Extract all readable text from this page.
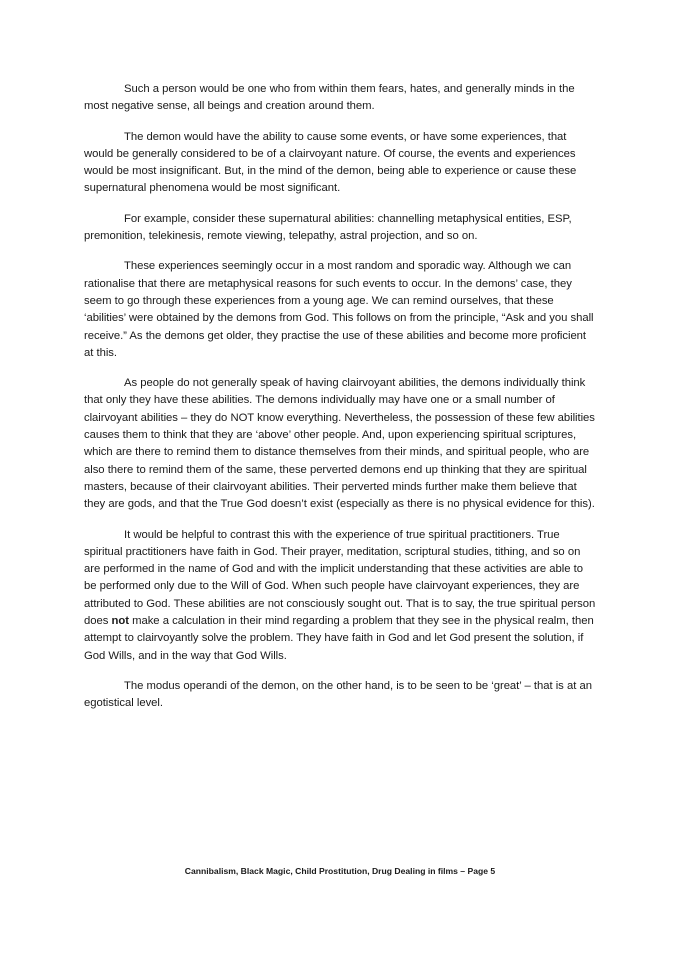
Such a person would be one who from within them fears, hates, and generally minds in the most negative sense, all beings and creation around them.

The demon would have the ability to cause some events, or have some experiences, that would be generally considered to be of a clairvoyant nature. Of course, the events and experiences would be most insignificant. But, in the mind of the demon, being able to experience or cause these supernatural phenomena would be most significant.

For example, consider these supernatural abilities: channelling metaphysical entities, ESP, premonition, telekinesis, remote viewing, telepathy, astral projection, and so on.

These experiences seemingly occur in a most random and sporadic way. Although we can rationalise that there are metaphysical reasons for such events to occur. In the demons’ case, they seem to go through these experiences from a young age. We can remind ourselves, that these ‘abilities’ were obtained by the demons from God. This follows on from the principle, “Ask and you shall receive.” As the demons get older, they practise the use of these abilities and become more proficient at this.

As people do not generally speak of having clairvoyant abilities, the demons individually think that only they have these abilities. The demons individually may have one or a small number of clairvoyant abilities – they do NOT know everything. Nevertheless, the possession of these few abilities causes them to think that they are ‘above’ other people. And, upon experiencing spiritual scriptures, which are there to remind them to distance themselves from their minds, and spiritual people, who are also there to remind them of the same, these perverted demons end up thinking that they are spiritual masters, because of their clairvoyant abilities. Their perverted minds further make them believe that they are gods, and that the True God doesn’t exist (especially as there is no physical evidence for this).

It would be helpful to contrast this with the experience of true spiritual practitioners. True spiritual practitioners have faith in God. Their prayer, meditation, scriptural studies, tithing, and so on are performed in the name of God and with the implicit understanding that these activities are able to be performed only due to the Will of God. When such people have clairvoyant experiences, they are attributed to God. These abilities are not consciously sought out. That is to say, the true spiritual person does not make a calculation in their mind regarding a problem that they see in the physical realm, then attempt to clairvoyantly solve the problem. They have faith in God and let God present the solution, if God Wills, and in the way that God Wills.

The modus operandi of the demon, on the other hand, is to be seen to be ‘great’ – that is at an egotistical level.

Cannibalism, Black Magic, Child Prostitution, Drug Dealing in films – Page 5
